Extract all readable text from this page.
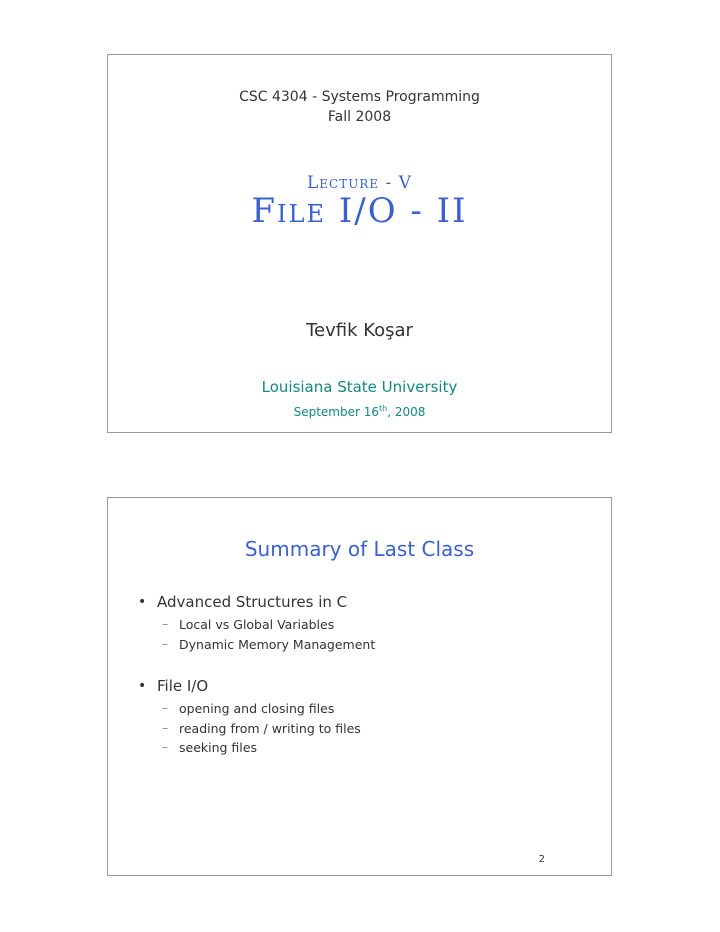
CSC 4304 - Systems Programming
Fall 2008
Lecture - V
File I/O - II
Tevfik Koşar
Louisiana State University
September 16th, 2008
Summary of Last Class
• Advanced Structures in C
– Local vs Global Variables
– Dynamic Memory Management
• File I/O
– opening and closing files
– reading from / writing to files
– seeking files
2
